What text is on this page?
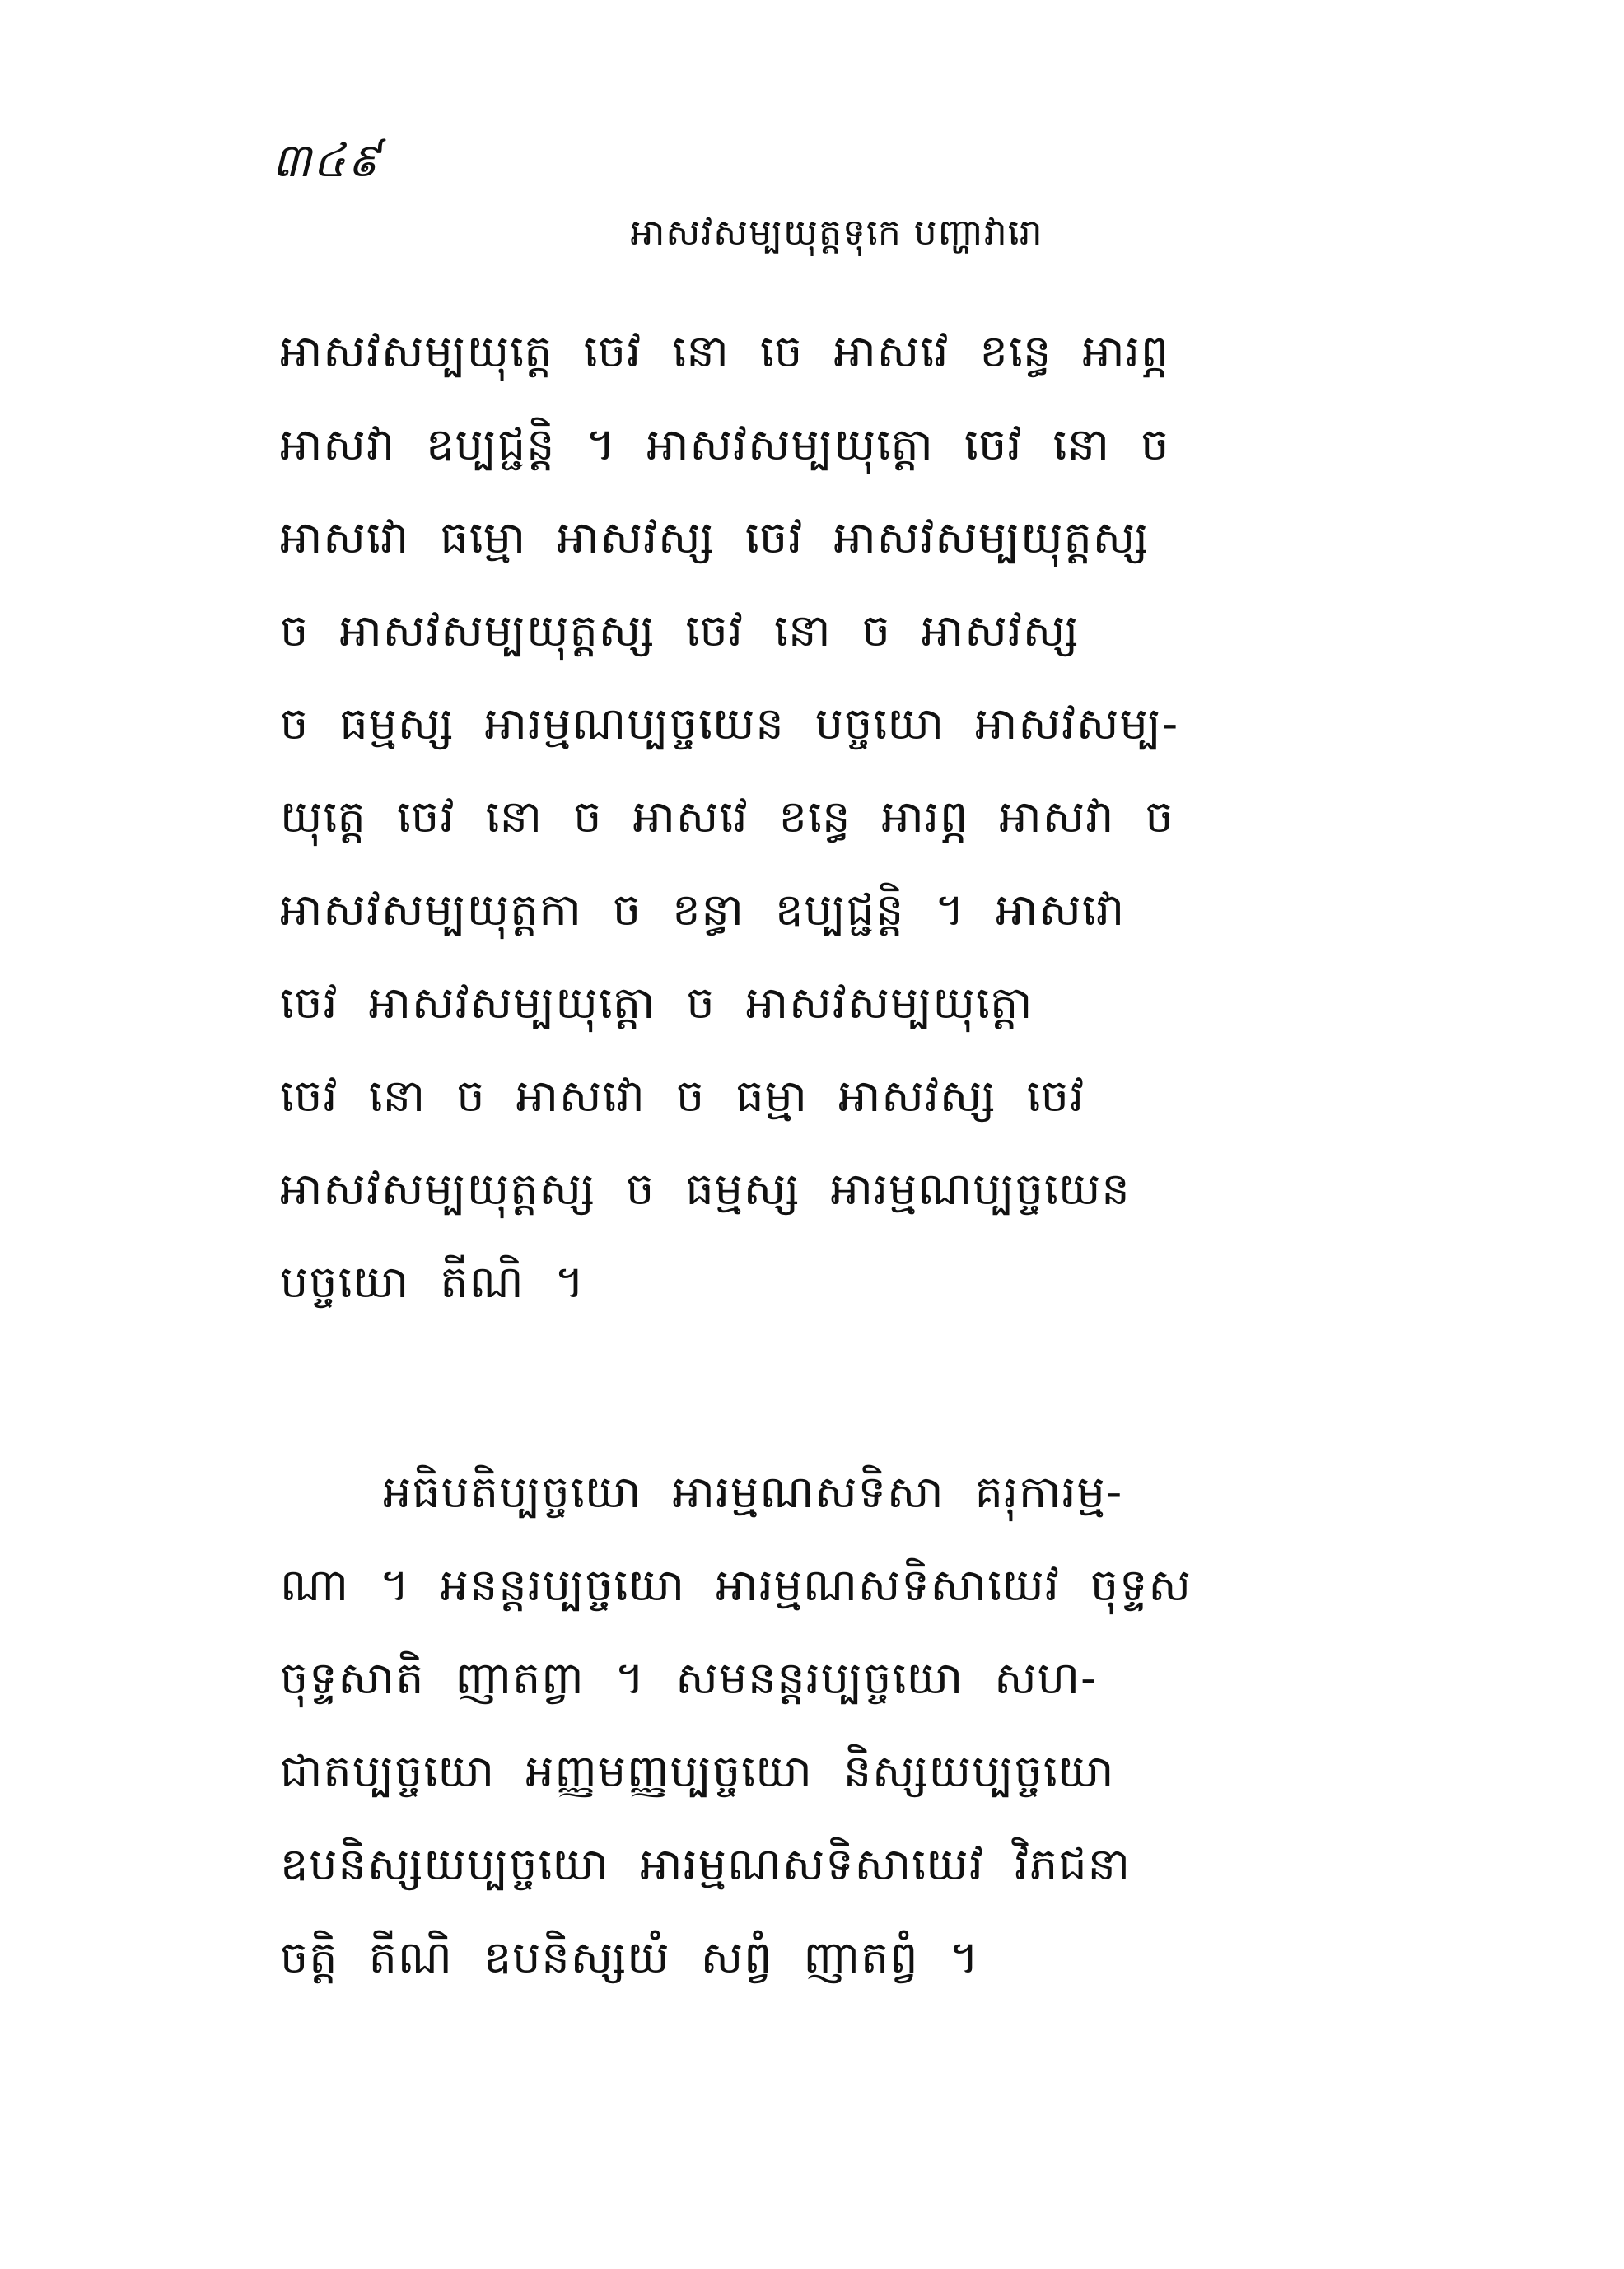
៣៤៩
អាសវសម្បយុត្តទុកេ បញ្ហាវារោ
អាសវសម្បយុត្តេ ចេវ នោ ចេ អាសវេ ខន្ធេ អារព្ភ
អាសវា ឧប្បជ្ជន្តិ ។ អាសវសម្បយុត្តោ ចេវ នោ ច
អាសវោ ធម្មោ អាសវស្ស ចេវ អាសវសម្បយុត្តស្ស
ច អាសវសម្បយុត្តស្ស ចេវ នោ ច អាសវស្ស
ច ធម្មស្ស អារម្មណប្បច្ចយេន បច្ចយោ អាសវសម្ប-
យុត្តេ ចេវ នោ ច អាសវេ ខន្ធេ អារព្ភ អាសវា ច
អាសវសម្បយុត្តកា ច ខន្ធា ឧប្បជ្ជន្តិ ។ អាសវោ
ចេវ អាសវសម្បយុត្តោ ច អាសវសម្បយុត្តោ
ចេវ នោ ច អាសវោ ច ធម្មា អាសវស្ស ចេវ
អាសវសម្បយុត្តស្ស ច ធម្មស្ស អារម្មណប្បច្ចយេន
បច្ចយោ តីណិ ។
អធិបតិប្បច្ចយោ អារម្មណសទិសា គរុការម្ម-
ណា ។ អនន្តរប្បច្ចយោ អារម្មណសទិសាយេវ ចុទ្ទស
ចុទ្ទសាតិ ញាតព្វា ។ សមនន្តរប្បច្ចយោ សហ-
ជាតប្បច្ចយោ អញ្ញមញ្ញប្បច្ចយោ និស្សយប្បច្ចយោ
ឧបនិស្សយប្បច្ចយោ អារម្មណសទិសាយេវ វិភជនា
ចត្តិ តីណិ ឧបនិស្សយំ សព្វំ ញាតព្វំ ។
